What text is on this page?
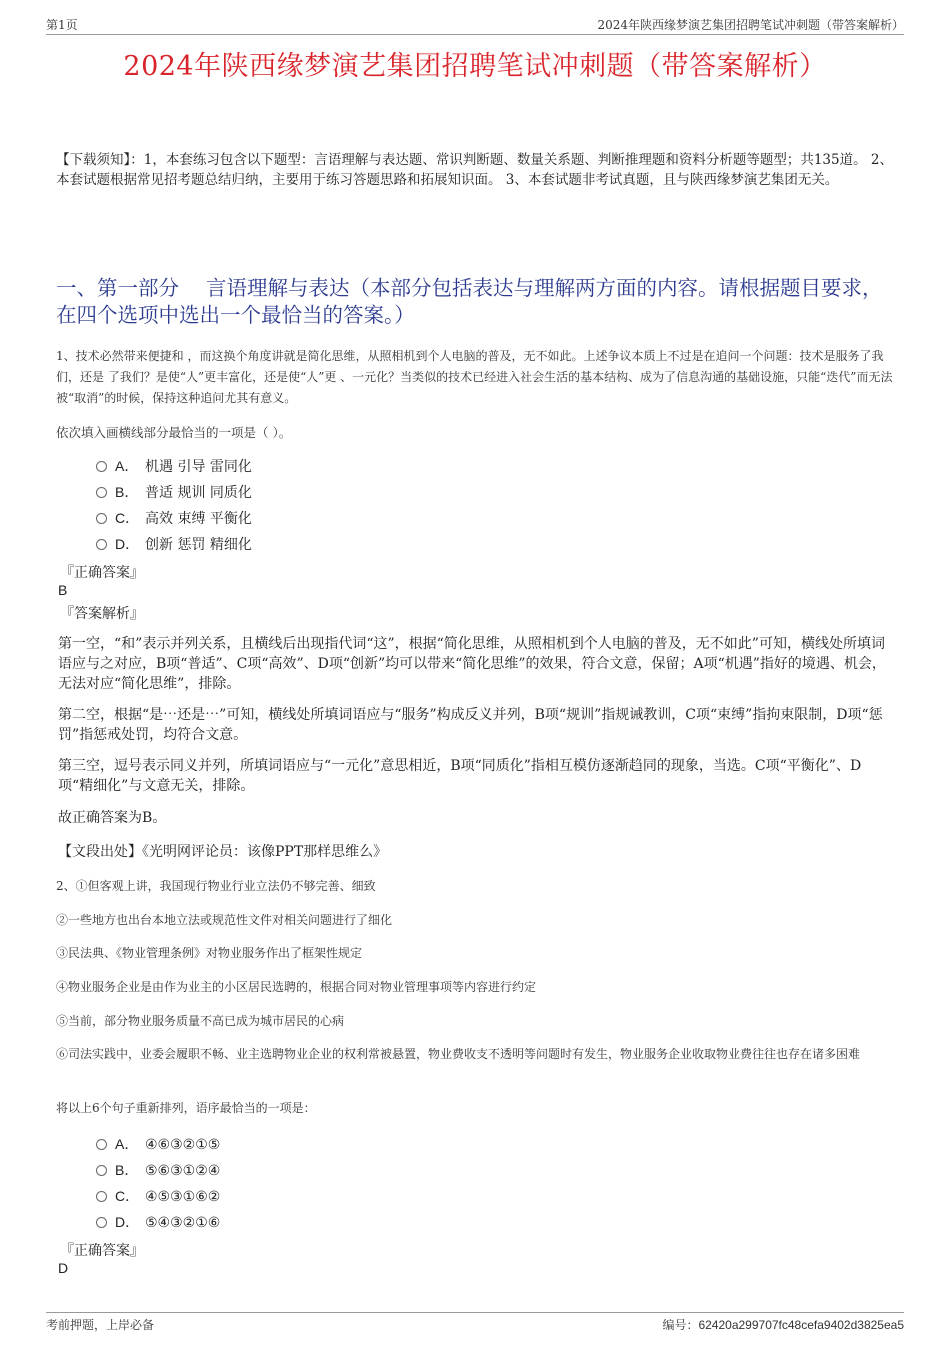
第1页	2024年陕西缘梦演艺集团招聘笔试冲刺题（带答案解析）
2024年陕西缘梦演艺集团招聘笔试冲刺题（带答案解析）
【下载须知】：1，本套练习包含以下题型：言语理解与表达题、常识判断题、数量关系题、判断推理题和资料分析题等题型；共135道。 2、本套试题根据常见招考题总结归纳，主要用于练习答题思路和拓展知识面。 3、本套试题非考试真题，且与陕西缘梦演艺集团无关。
一、第一部分　 言语理解与表达（本部分包括表达与理解两方面的内容。请根据题目要求，在四个选项中选出一个最恰当的答案。）
1、技术必然带来便捷和 ，而这换个角度讲就是简化思维，从照相机到个人电脑的普及，无不如此。上述争议本质上不过是在追问一个问题：技术是服务了我们，还是 了我们？是使“人”更丰富化，还是使“人”更 、一元化？当类似的技术已经进入社会生活的基本结构、成为了信息沟通的基础设施，只能“迭代”而无法被“取消”的时候，保持这种追问尤其有意义。
依次填入画横线部分最恰当的一项是（ ）。
A． 机遇 引导 雷同化
B． 普适 规训 同质化
C． 高效 束缚 平衡化
D． 创新 惩罚 精细化
『正确答案』
B
『答案解析』
第一空，“和”表示并列关系，且横线后出现指代词“这”，根据“简化思维，从照相机到个人电脑的普及，无不如此”可知，横线处所填词语应与之对应，B项“普适”、C项“高效”、D项“创新”均可以带来“简化思维”的效果，符合文意，保留；A项“机遇”指好的境遇、机会，无法对应“简化思维”，排除。
第二空，根据“是⋯还是⋯”可知，横线处所填词语应与“服务”构成反义并列，B项“规训”指规诫教训，C项“束缚”指拘束限制，D项“惩罚”指惩戒处罚，均符合文意。
第三空，逗号表示同义并列，所填词语应与“一元化”意思相近，B项“同质化”指相互模仿逐渐趋同的现象，当选。C项“平衡化”、D项“精细化”与文意无关，排除。
故正确答案为B。
【文段出处】《光明网评论员：该像PPT那样思维么》
2、①但客观上讲，我国现行物业行业立法仍不够完善、细致
②一些地方也出台本地立法或规范性文件对相关问题进行了细化
③民法典、《物业管理条例》对物业服务作出了框架性规定
④物业服务企业是由作为业主的小区居民选聘的，根据合同对物业管理事项等内容进行约定
⑤当前，部分物业服务质量不高已成为城市居民的心病
⑥司法实践中，业委会履职不畅、业主选聘物业企业的权利常被悬置，物业费收支不透明等问题时有发生，物业服务企业收取物业费往往也存在诸多困难
将以上6个句子重新排列，语序最恰当的一项是：
A． ④⑥③②①⑤
B． ⑤⑥③①②④
C． ④⑤③①⑥②
D． ⑤④③②①⑥
『正确答案』
D
考前押题，上岸必备	编号：62420a299707fc48cefa9402d3825ea5
